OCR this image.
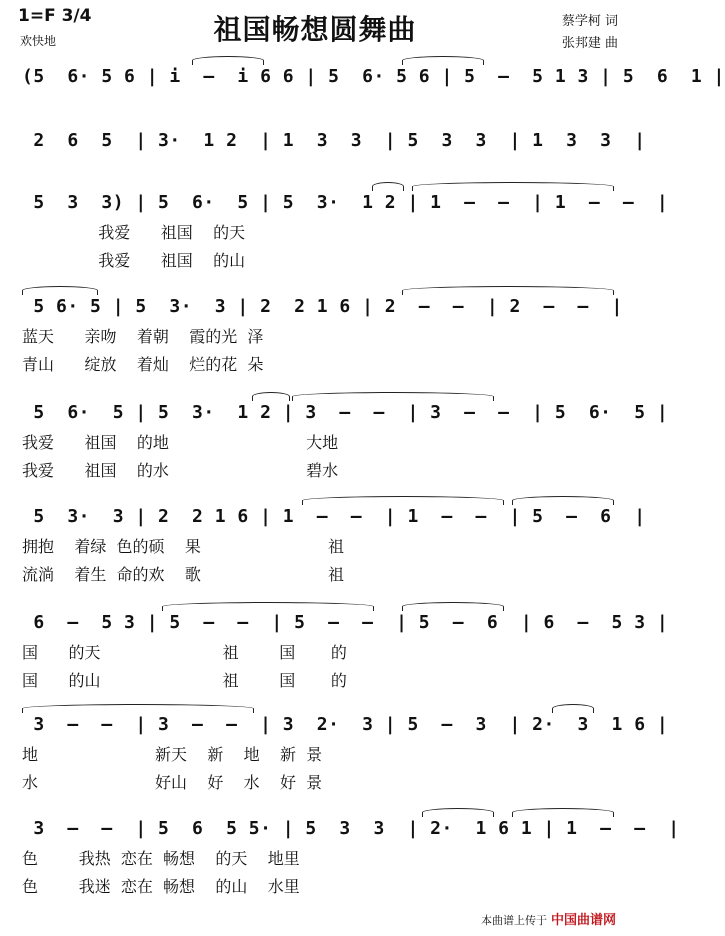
1=F 3/4
欢快地	祖国畅想圆舞曲	蔡学柯 词
张邦建 曲
(5  6· 5 6 | i  –  i 6 6 | 5  6· 5 6 | 5  –  5 1 3 | 5  6  1 |
2  6  5  | 3·  1 2  | 1  3  3  | 5  3  3  | 1  3  3  |
5  3  3) | 5  6·  5 | 5  3·  1 2 | 1  –  –  | 1  –  –  |
我爱      祖国    的天
我爱      祖国    的山
5 6· 5 | 5  3·  3 | 2  2 1 6 | 2  –  –  | 2  –  –  |
蓝天      亲吻    着朝    霞的光  泽
青山      绽放    着灿    烂的花  朵
5  6·  5 | 5  3·  1 2 | 3  –  –  | 3  –  –  | 5  6·  5 |
我爱      祖国    的地                           大地
我爱      祖国    的水                           碧水
5  3·  3 | 2  2 1 6 | 1  –  –  | 1  –  –  | 5  –  6  |
拥抱    着绿  色的硕    果                         祖
流淌    着生  命的欢    歌                         祖
6  –  5 3 | 5  –  –  | 5  –  –  | 5  –  6  | 6  –  5 3 |
国      的天                        祖        国       的
国      的山                        祖        国       的
3  –  –  | 3  –  –  | 3  2·  3 | 5  –  3  | 2·  3  1 6 |
地                       新天    新    地    新  景
水                       好山    好    水    好  景
3  –  –  | 5  6  5 5· | 5  3  3  | 2·  1 6 1 | 1  –  –  |
色        我热  恋在  畅想    的天    地里
色        我迷  恋在  畅想    的山    水里
本曲谱上传于 中国曲谱网
